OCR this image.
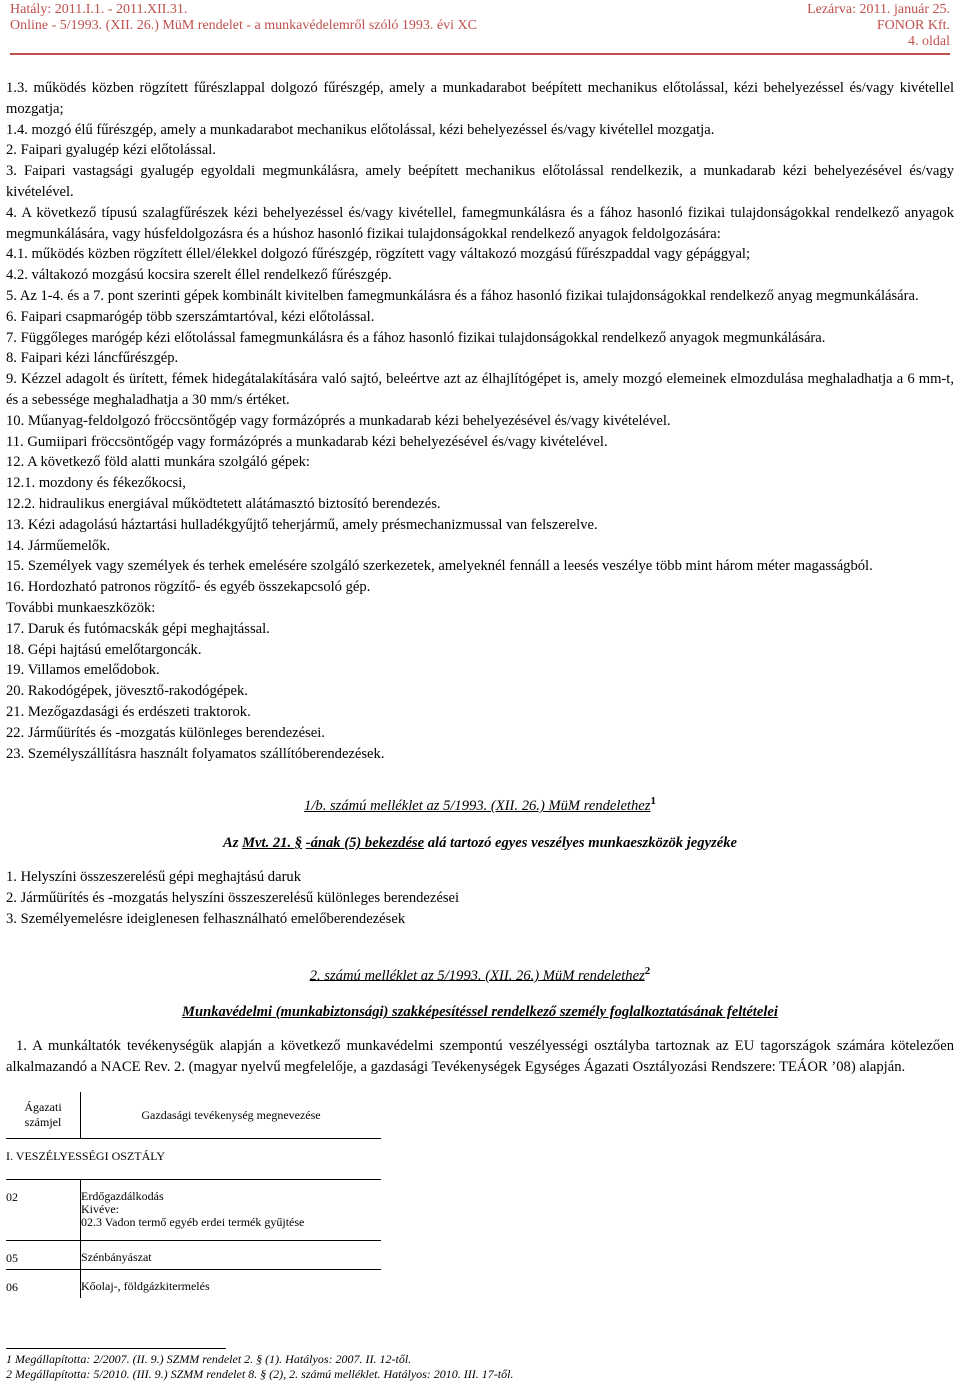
Hatály: 2011.I.1. - 2011.XII.31.
Online - 5/1993. (XII. 26.) MüM rendelet - a munkavédelemről szóló 1993. évi XC
Lezárva: 2011. január 25.
FONOR Kft.
4. oldal

1.3. működés közben rögzített fűrészlappal dolgozó fűrészgép, amely a munkadarabot beépített mechanikus előtolással, kézi behelyezéssel és/vagy kivétellel mozgatja;

1.4. mozgó élű fűrészgép, amely a munkadarabot mechanikus előtolással, kézi behelyezéssel és/vagy kivétellel mozgatja.

2. Faipari gyalugép kézi előtolással.

3. Faipari vastagsági gyalugép egyoldali megmunkálásra, amely beépített mechanikus előtolással rendelkezik, a munkadarab kézi behelyezésével és/vagy kivételével.

4. A következő típusú szalagfűrészek kézi behelyezéssel és/vagy kivétellel, famegmunkálásra és a fához hasonló fizikai tulajdonságokkal rendelkező anyagok megmunkálására, vagy húsfeldolgozásra és a húshoz hasonló fizikai tulajdonságokkal rendelkező anyagok feldolgozására:

4.1. működés közben rögzített éllel/élekkel dolgozó fűrészgép, rögzített vagy váltakozó mozgású fűrészpaddal vagy gépággyal;

4.2. váltakozó mozgású kocsira szerelt éllel rendelkező fűrészgép.

5. Az 1-4. és a 7. pont szerinti gépek kombinált kivitelben famegmunkálásra és a fához hasonló fizikai tulajdonságokkal rendelkező anyag megmunkálására.

6. Faipari csapmarógép több szerszámtartóval, kézi előtolással.

7. Függőleges marógép kézi előtolással famegmunkálásra és a fához hasonló fizikai tulajdonságokkal rendelkező anyagok megmunkálására.

8. Faipari kézi láncfűrészgép.

9. Kézzel adagolt és ürített, fémek hidegátalakítására való sajtó, beleértve azt az élhajlítógépet is, amely mozgó elemeinek elmozdulása meghaladhatja a 6 mm-t, és a sebessége meghaladhatja a 30 mm/s értéket.

10. Műanyag-feldolgozó fröccsöntőgép vagy formázóprés a munkadarab kézi behelyezésével és/vagy kivételével.

11. Gumiipari fröccsöntőgép vagy formázóprés a munkadarab kézi behelyezésével és/vagy kivételével.

12. A következő föld alatti munkára szolgáló gépek:

12.1. mozdony és fékezőkocsi,

12.2. hidraulikus energiával működtetett alátámasztó biztosító berendezés.

13. Kézi adagolású háztartási hulladékgyűjtő teherjármű, amely présmechanizmussal van felszerelve.

14. Járműemelők.

15. Személyek vagy személyek és terhek emelésére szolgáló szerkezetek, amelyeknél fennáll a leesés veszélye több mint három méter magasságból.

16. Hordozható patronos rögzítő- és egyéb összekapcsoló gép.

További munkaeszközök:

17. Daruk és futómacskák gépi meghajtással.

18. Gépi hajtású emelőtargoncák.

19. Villamos emelődobok.

20. Rakodógépek, jövesztő-rakodógépek.

21. Mezőgazdasági és erdészeti traktorok.

22. Járműürítés és -mozgatás különleges berendezései.

23. Személyszállításra használt folyamatos szállítóberendezések.

1/b. számú melléklet az 5/1993. (XII. 26.) MüM rendelethez$^1$
Az Mvt. 21. § -ának (5) bekezdése alá tartozó egyes veszélyes munkaeszközök jegyzéke

1. Helyszíni összeszerelésű gépi meghajtású daruk

2. Járműürítés és -mozgatás helyszíni összeszerelésű különleges berendezései

3. Személyemelésre ideiglenesen felhasználható emelőberendezések

2. számú melléklet az 5/1993. (XII. 26.) MüM rendelethez$^2$
Munkavédelmi (munkabiztonsági) szakképesítéssel rendelkező személy foglalkoztatásának feltételei

1. A munkáltatók tevékenységük alapján a következő munkavédelmi szempontú veszélyességi osztályba tartoznak az EU tagországok számára kötelezően alkalmazandó a NACE Rev. 2. (magyar nyelvű megfelelője, a gazdasági Tevékenységek Egységes Ágazati Osztályozási Rendszere: TEÁOR ’08) alapján.

Ágazati
számjel	Gazdasági tevékenység megnevezése
I. VESZÉLYESSÉGI OSZTÁLY	
02	Erdőgazdálkodás
Kivéve:
02.3 Vadon termő egyéb erdei termék gyűjtése

05	Szénbányászat
06	Kőolaj-, földgázkitermelés
1 Megállapította: 2/2007. (II. 9.) SZMM rendelet 2. § (1). Hatályos: 2007. II. 12-től.
2 Megállapította: 5/2010. (III. 9.) SZMM rendelet 8. § (2), 2. számú melléklet. Hatályos: 2010. III. 17-től.
